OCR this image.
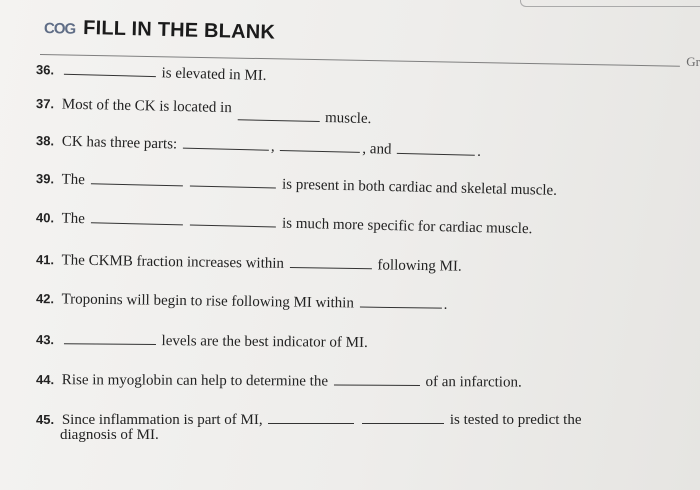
COG FILL IN THE BLANK
Gr
36.	is elevated in MI.
37. Most of the CK is located in  muscle.
38. CK has three parts:	,	, and	.
39. The	is present in both cardiac and skeletal muscle.
40. The	is much more specific for cardiac muscle.
41. The CKMB fraction increases within	following MI.
42. Troponins will begin to rise following MI within	.
43.	levels are the best indicator of MI.
44. Rise in myoglobin can help to determine the	of an infarction.
45. Since inflammation is part of MI,	is tested to predict the
diagnosis of MI.
